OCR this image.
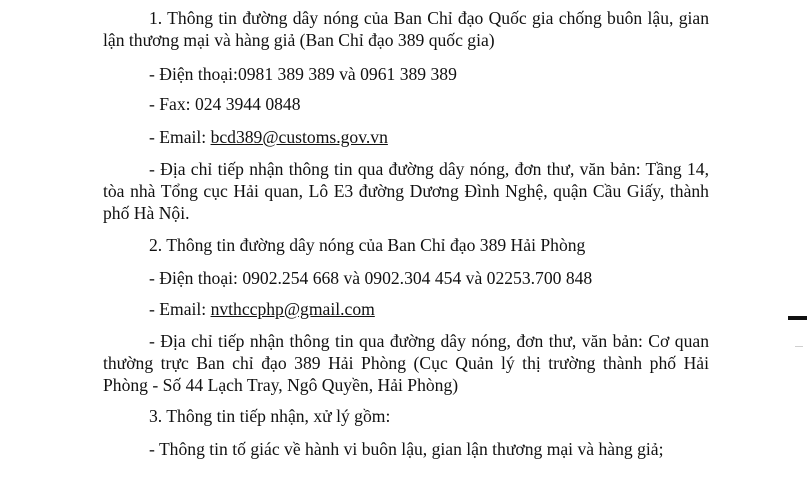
1. Thông tin đường dây nóng của Ban Chỉ đạo Quốc gia chống buôn lậu, gian lận thương mại và hàng giả (Ban Chỉ đạo 389 quốc gia)

- Điện thoại:0981 389 389 và 0961 389 389

- Fax: 024 3944 0848

- Email: bcd389@customs.gov.vn

- Địa chỉ tiếp nhận thông tin qua đường dây nóng, đơn thư, văn bản: Tầng 14, tòa nhà Tổng cục Hải quan, Lô E3 đường Dương Đình Nghệ, quận Cầu Giấy, thành phố Hà Nội.

2. Thông tin đường dây nóng của Ban Chỉ đạo 389 Hải Phòng

- Điện thoại: 0902.254 668 và 0902.304 454 và 02253.700 848

- Email: nvthccphp@gmail.com

- Địa chỉ tiếp nhận thông tin qua đường dây nóng, đơn thư, văn bản: Cơ quan thường trực Ban chỉ đạo 389 Hải Phòng (Cục Quản lý thị trường thành phố Hải Phòng - Số 44 Lạch Tray, Ngô Quyền, Hải Phòng)

3. Thông tin tiếp nhận, xử lý gồm:

- Thông tin tố giác về hành vi buôn lậu, gian lận thương mại và hàng giả;
